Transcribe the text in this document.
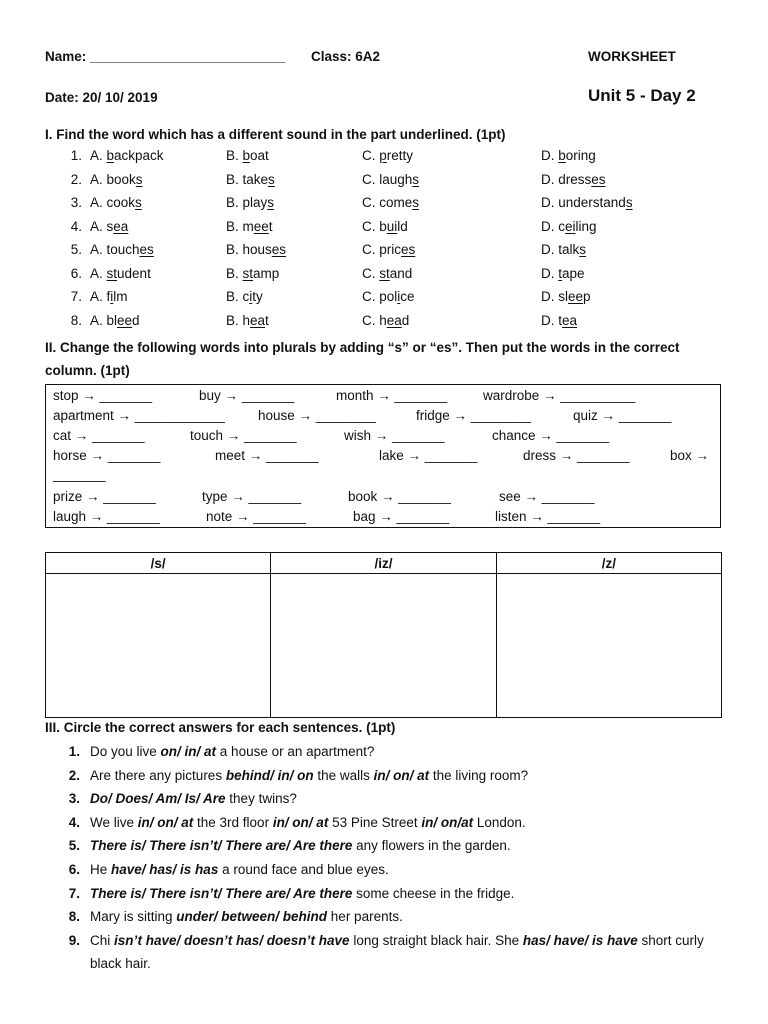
Name: __________________________ Class: 6A2	WORKSHEET
Date: 20/ 10/ 2019	Unit 5 - Day 2
I. Find the word which has a different sound in the part underlined. (1pt)
1. A. backpack	B. boat	C. pretty	D. boring
2. A. books	B. takes	C. laughs	D. dresses
3. A. cooks	B. plays	C. comes	D. understands
4. A. sea	B. meet	C. build	D. ceiling
5. A. touches	B. houses	C. prices	D. talks
6. A. student	B. stamp	C. stand	D. tape
7. A. film	B. city	C. police	D. sleep
8. A. bleed	B. heat	C. head	D. tea
II. Change the following words into plurals by adding “s” or “es”. Then put the words in the correct
column. (1pt)
stop → _______	buy → _______	month → _______	wardrobe → __________
apartment → ____________ house → ________	fridge → ________	quiz → _______
cat → _______	touch → _______	wish → _______	chance → _______
horse → _______	meet → _______	lake → _______	dress → _______	box →
_______
prize → _______	type → _______	book → _______	see → _______
laugh → _______	note → _______	bag → _______	listen → _______
/s/	/iz/	/z/

III. Circle the correct answers for each sentences. (1pt)
1. Do you live on/ in/ at a house or an apartment?
2. Are there any pictures behind/ in/ on the walls in/ on/ at the living room?
3. Do/ Does/ Am/ Is/ Are they twins?
4. We live in/ on/ at the 3rd floor in/ on/ at 53 Pine Street in/ on/at London.
5. There is/ There isn’t/ There are/ Are there any flowers in the garden.
6. He have/ has/ is has a round face and blue eyes.
7. There is/ There isn’t/ There are/ Are there some cheese in the fridge.
8. Mary is sitting under/ between/ behind her parents.
9. Chi isn’t have/ doesn’t has/ doesn’t have long straight black hair. She has/ have/ is have short curly black hair.
